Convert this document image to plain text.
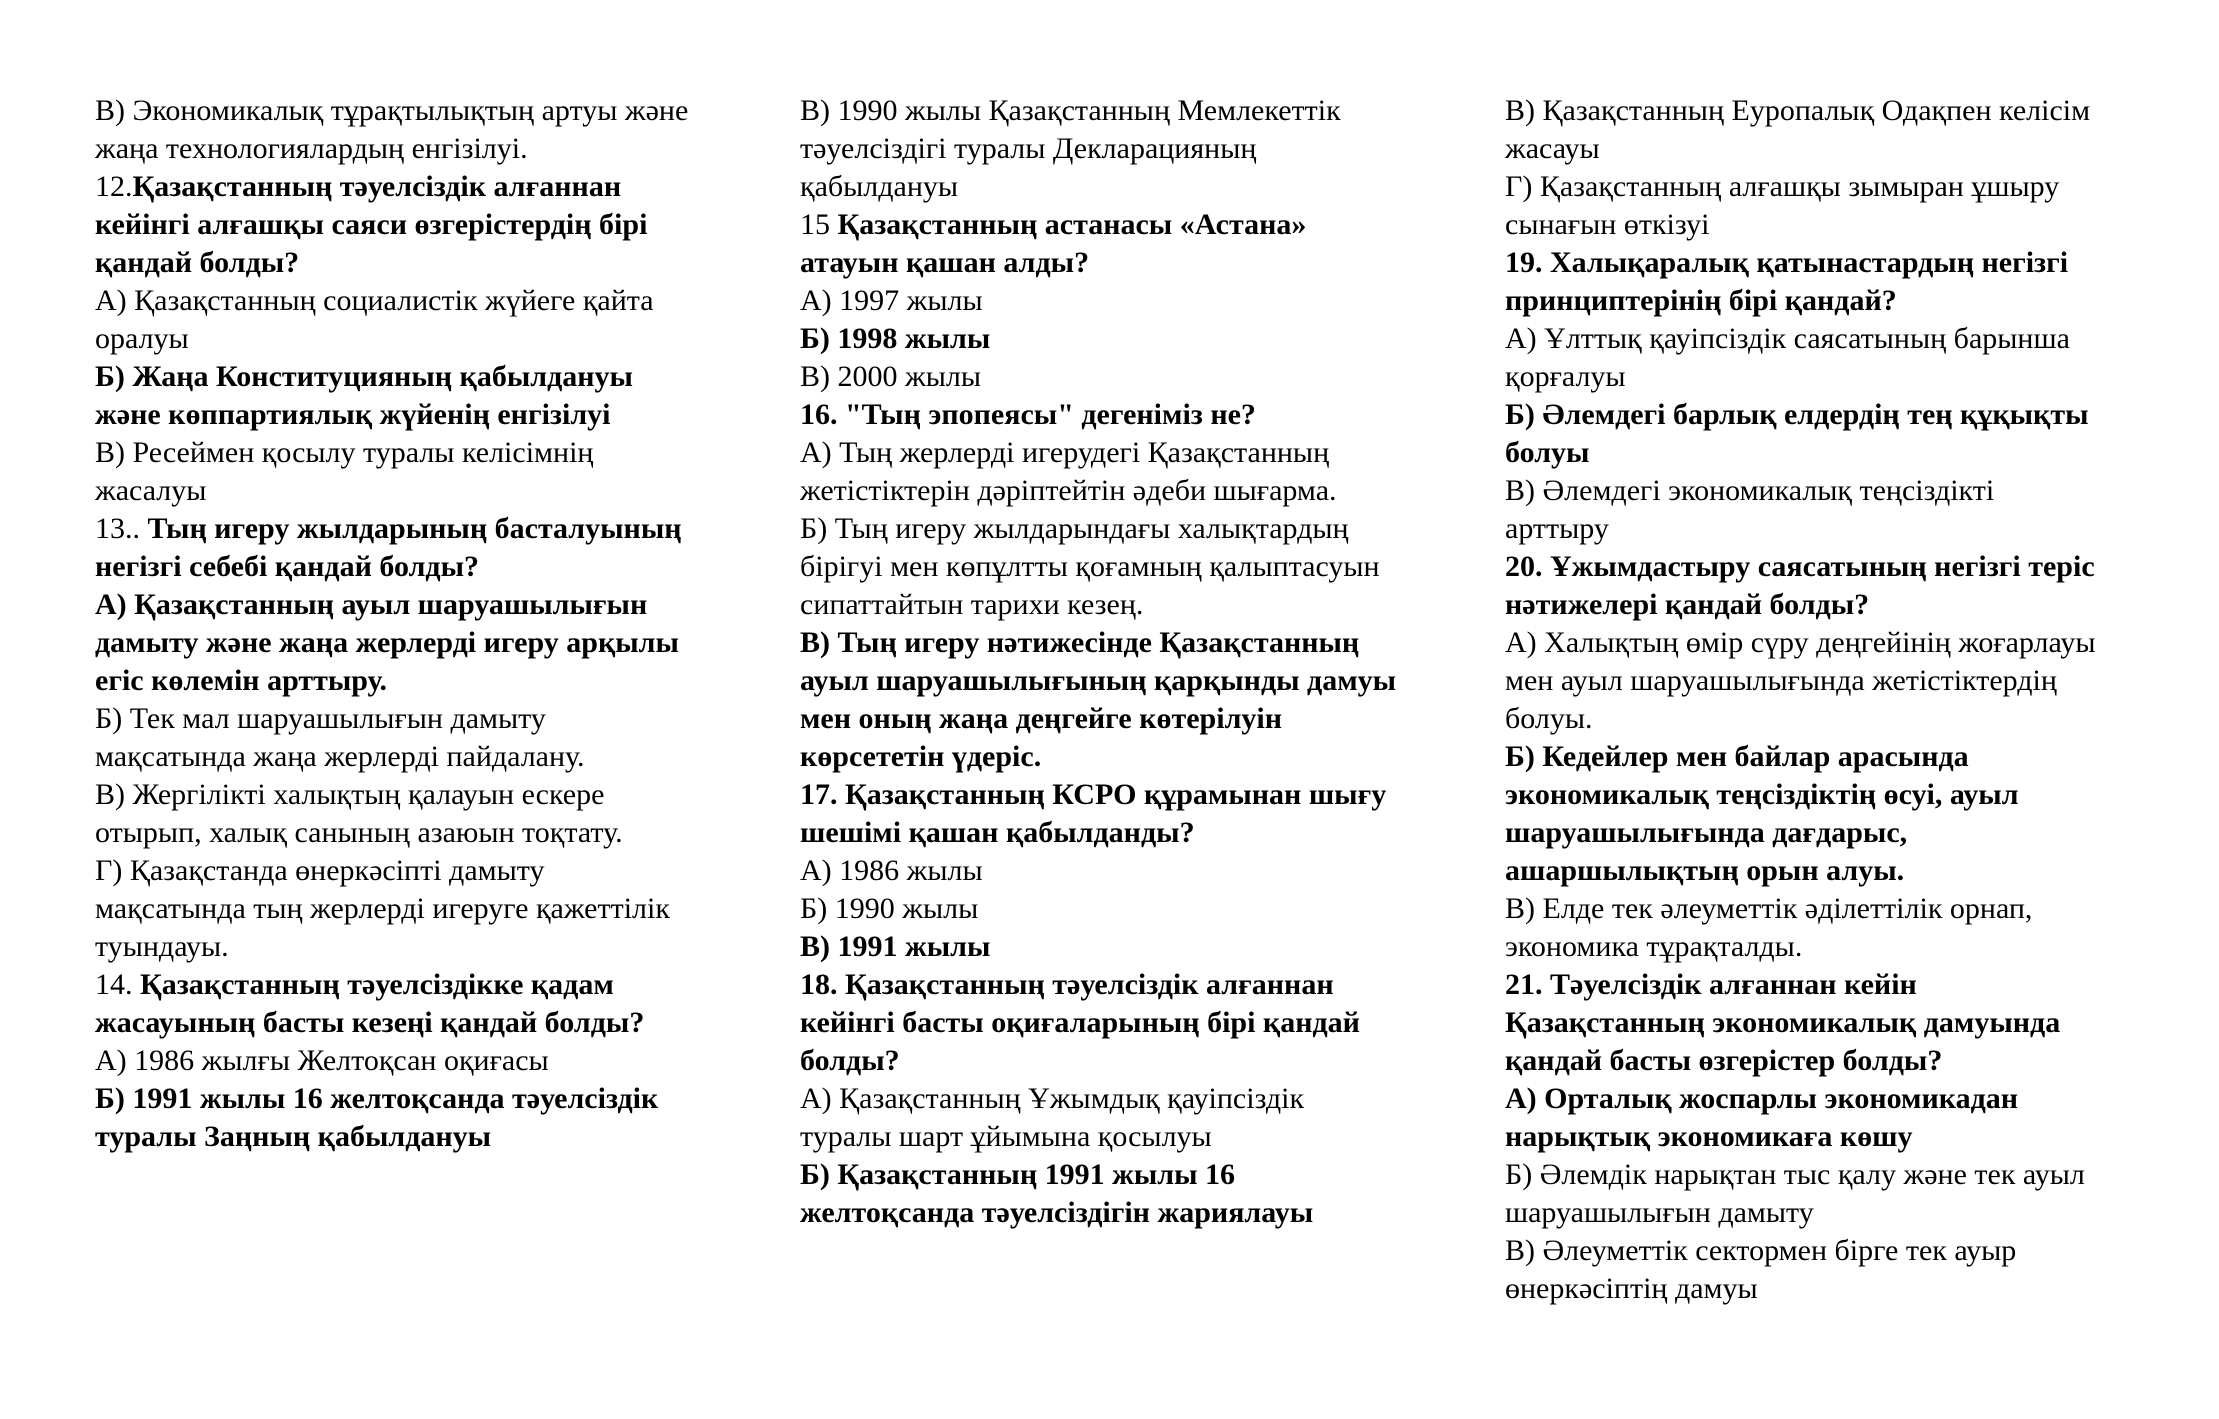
В) Экономикалық тұрақтылықтың артуы және жаңа технологиялардың енгізілуі.

12.Қазақстанның тәуелсіздік алғаннан кейінгі алғашқы саяси өзгерістердің бірі қандай болды?

А) Қазақстанның социалистік жүйеге қайта оралуы

Б) Жаңа Конституцияның қабылдануы және көппартиялық жүйенің енгізілуі

В) Ресеймен қосылу туралы келісімнің жасалуы

13.. Тың игеру жылдарының басталуының негізгі себебі қандай болды?

А) Қазақстанның ауыл шаруашылығын дамыту және жаңа жерлерді игеру арқылы егіс көлемін арттыру.

Б) Тек мал шаруашылығын дамыту мақсатында жаңа жерлерді пайдалану.

В) Жергілікті халықтың қалауын ескере отырып, халық санының азаюын тоқтату.

Г) Қазақстанда өнеркәсіпті дамыту мақсатында тың жерлерді игеруге қажеттілік туындауы.

14. Қазақстанның тәуелсіздікке қадам жасауының басты кезеңі қандай болды?

А) 1986 жылғы Желтоқсан оқиғасы

Б) 1991 жылы 16 желтоқсанда тәуелсіздік туралы Заңның қабылдануы

В) 1990 жылы Қазақстанның Мемлекеттік тәуелсіздігі туралы Декларацияның қабылдануы

15 Қазақстанның астанасы «Астана» атауын қашан алды?

А) 1997 жылы

Б) 1998 жылы

В) 2000 жылы

16. "Тың эпопеясы" дегеніміз не?

А) Тың жерлерді игерудегі Қазақстанның жетістіктерін дәріптейтін әдеби шығарма.

Б) Тың игеру жылдарындағы халықтардың бірігуі мен көпұлтты қоғамның қалыптасуын сипаттайтын тарихи кезең.

В) Тың игеру нәтижесінде Қазақстанның ауыл шаруашылығының қарқынды дамуы мен оның жаңа деңгейге көтерілуін көрсететін үдеріс.

17. Қазақстанның КСРО құрамынан шығу шешімі қашан қабылданды?

А) 1986 жылы

Б) 1990 жылы

В) 1991 жылы

18. Қазақстанның тәуелсіздік алғаннан кейінгі басты оқиғаларының бірі қандай болды?

А) Қазақстанның Ұжымдық қауіпсіздік туралы шарт ұйымына қосылуы

Б) Қазақстанның 1991 жылы 16 желтоқсанда тәуелсіздігін жариялауы

В) Қазақстанның Еуропалық Одақпен келісім жасауы

Г) Қазақстанның алғашқы зымыран ұшыру сынағын өткізуі

19. Халықаралық қатынастардың негізгі принциптерінің бірі қандай?

А) Ұлттық қауіпсіздік саясатының барынша қорғалуы

Б) Әлемдегі барлық елдердің тең құқықты болуы

В) Әлемдегі экономикалық теңсіздікті арттыру

20. Ұжымдастыру саясатының негізгі теріс нәтижелері қандай болды?

А) Халықтың өмір сүру деңгейінің жоғарлауы мен ауыл шаруашылығында жетістіктердің болуы.

Б) Кедейлер мен байлар арасында экономикалық теңсіздіктің өсуі, ауыл шаруашылығында дағдарыс, ашаршылықтың орын алуы.

В) Елде тек әлеуметтік әділеттілік орнап, экономика тұрақталды.

21. Тәуелсіздік алғаннан кейін Қазақстанның экономикалық дамуында қандай басты өзгерістер болды?

А) Орталық жоспарлы экономикадан нарықтық экономикаға көшу

Б) Әлемдік нарықтан тыс қалу және тек ауыл шаруашылығын дамыту

В) Әлеуметтік сектормен бірге тек ауыр өнеркәсіптің дамуы
